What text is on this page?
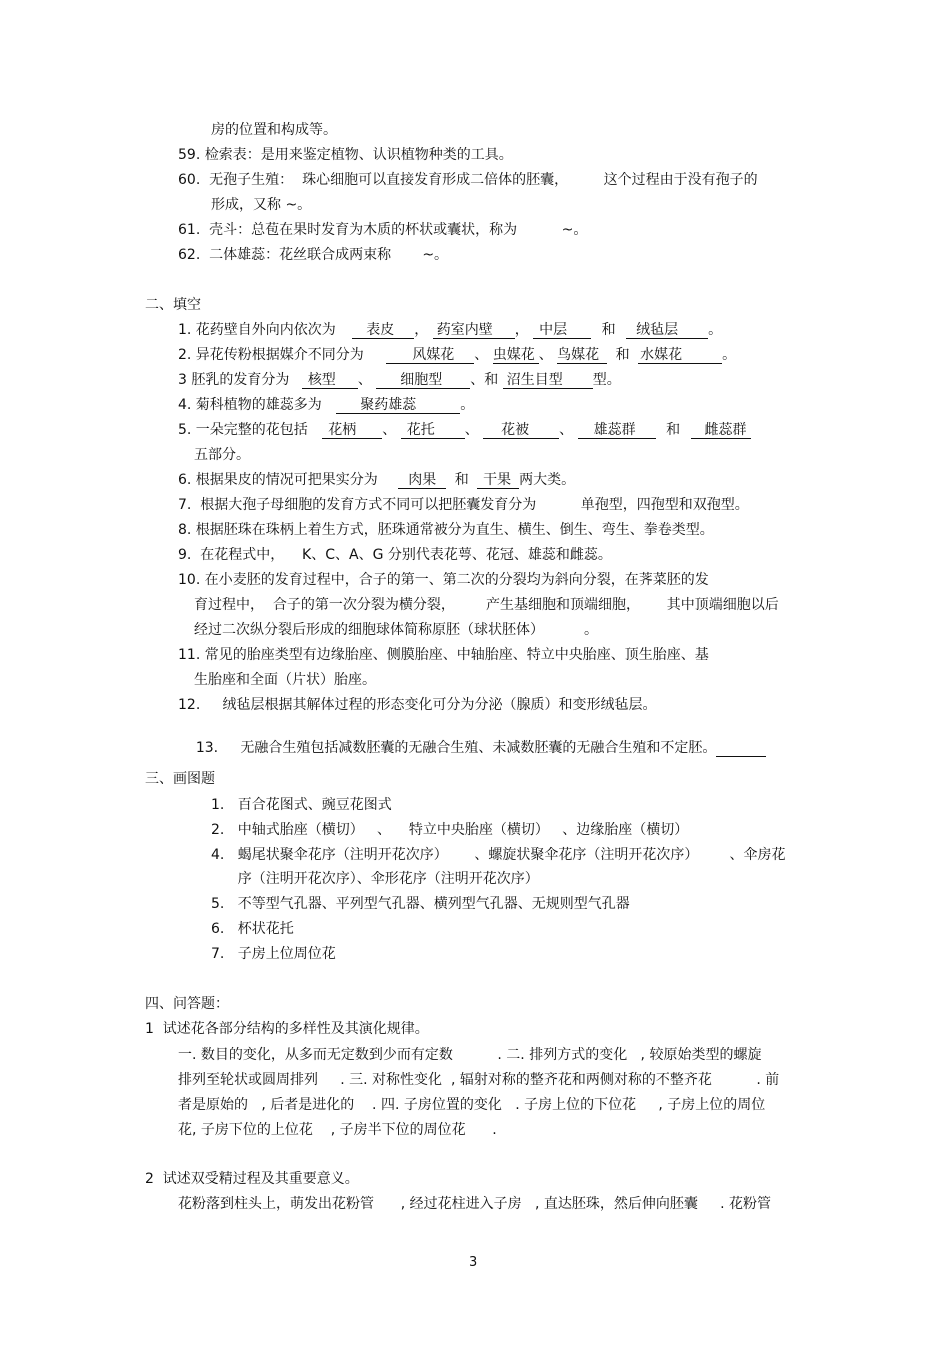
房的位置和构成等。
59. 检索表：是用来鉴定植物、认识植物种类的工具。
60.  无孢子生殖：  珠心细胞可以直接发育形成二倍体的胚囊，        这个过程由于没有孢子的
形成，又称 ~。
61.  壳斗：总苞在果时发育为木质的杯状或囊状，称为          ~。
62.  二体雄蕊：花丝联合成两束称       ~。
二、填空
1. 花药壁自外向内依次为 表皮 ， 药室内壁 ， 中层 和 绒毡层 。
2. 异花传粉根据媒介不同分为	风媒花 、 虫媒花 、 鸟媒花 和 水媒花	。
3 胚乳的发育分为 核型 、 细胞型 、和 沼生目型 型。
4. 菊科植物的雄蕊多为	聚药雄蕊	。
5. 一朵完整的花包括 花柄 、 花托 、 花被 、 雄蕊群 和 雌蕊群
五部分。
6. 根据果皮的情况可把果实分为 肉果 和 干果 两大类。
7.  根据大孢子母细胞的发育方式不同可以把胚囊发育分为          单孢型，四孢型和双孢型。
8. 根据胚珠在珠柄上着生方式，胚珠通常被分为直生、横生、倒生、弯生、拳卷类型。
9.  在花程式中，    K、C、A、G 分别代表花萼、花冠、雄蕊和雌蕊。
10. 在小麦胚的发育过程中，合子的第一、第二次的分裂均为斜向分裂，在荠菜胚的发
育过程中，  合子的第一次分裂为横分裂，       产生基细胞和顶端细胞，      其中顶端细胞以后
经过二次纵分裂后形成的细胞球体简称原胚（球状胚体）         。
11. 常见的胎座类型有边缘胎座、侧膜胎座、中轴胎座、特立中央胎座、顶生胎座、基
生胎座和全面（片状）胎座。
12.     绒毡层根据其解体过程的形态变化可分为分泌（腺质）和变形绒毡层。

13.     无融合生殖包括减数胚囊的无融合生殖、未减数胚囊的无融合生殖和不定胚。

三、画图题
1.   百合花图式、豌豆花图式
2.   中轴式胎座（横切）   、    特立中央胎座（横切）   、边缘胎座（横切）
4.   蝎尾状聚伞花序（注明开花次序）      、螺旋状聚伞花序（注明开花次序）       、伞房花
序（注明开花次序）、伞形花序（注明开花次序）
5.   不等型气孔器、平列型气孔器、横列型气孔器、无规则型气孔器
6.   杯状花托
7.   子房上位周位花
四、问答题：
1  试述花各部分结构的多样性及其演化规律。
一. 数目的变化，从多而无定数到少而有定数          . 二. 排列方式的变化   , 较原始类型的螺旋
排列至轮状或圆周排列     . 三. 对称性变化  , 辐射对称的整齐花和两侧对称的不整齐花          . 前
者是原始的   , 后者是进化的    . 四. 子房位置的变化   . 子房上位的下位花     , 子房上位的周位
花, 子房下位的上位花    , 子房半下位的周位花      .
2  试述双受精过程及其重要意义。
花粉落到柱头上，萌发出花粉管      , 经过花柱进入子房   , 直达胚珠，然后伸向胚囊     . 花粉管
3
